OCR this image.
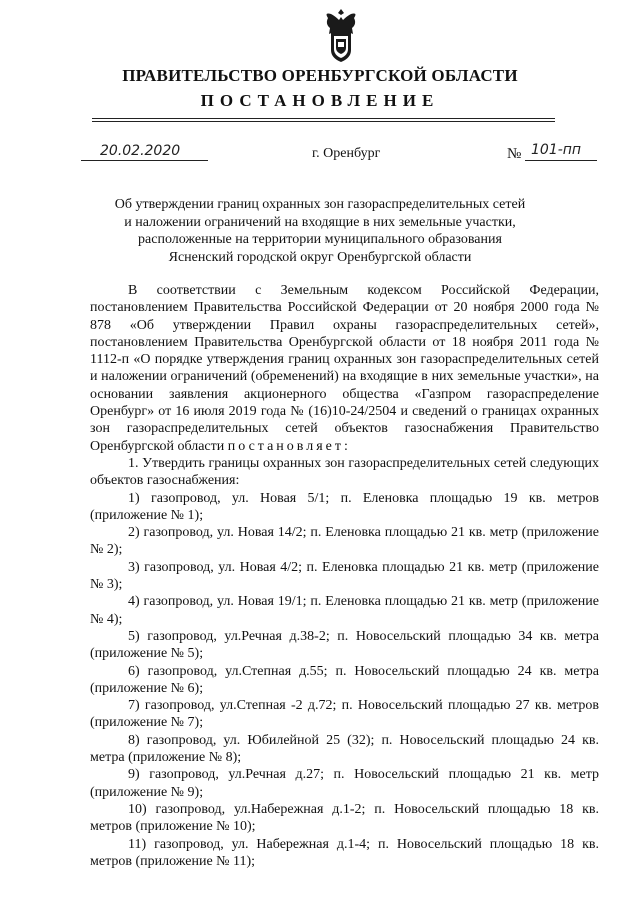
ПРАВИТЕЛЬСТВО ОРЕНБУРГСКОЙ ОБЛАСТИ
ПОСТАНОВЛЕНИЕ
20.02.2020	г. Оренбург	№ 101-пп
Об утверждении границ охранных зон газораспределительных сетей
и наложении ограничений на входящие в них земельные участки,
расположенные на территории муниципального образования
Ясненский городской округ Оренбургской области

В соответствии с Земельным кодексом Российской Федерации, постановлением Правительства Российской Федерации от 20 ноября 2000 года № 878 «Об утверждении Правил охраны газораспределительных сетей», постановлением Правительства Оренбургской области от 18 ноября 2011 года № 1112-п «О порядке утверждения границ охранных зон газораспределительных сетей и наложении ограничений (обременений) на входящие в них земельные участки», на основании заявления акционерного общества «Газпром газораспределение Оренбург» от 16 июля 2019 года № (16)10-24/2504 и сведений о границах охранных зон газораспределительных сетей объектов газоснабжения Правительство Оренбургской области постановляет:

1. Утвердить границы охранных зон газораспределительных сетей следующих объектов газоснабжения:

1) газопровод, ул. Новая 5/1; п. Еленовка площадью 19 кв. метров (приложение № 1);

2) газопровод, ул. Новая 14/2; п. Еленовка площадью 21 кв. метр (приложение № 2);

3) газопровод, ул. Новая 4/2; п. Еленовка площадью 21 кв. метр (приложение № 3);

4) газопровод, ул. Новая 19/1; п. Еленовка площадью 21 кв. метр (приложение № 4);

5) газопровод, ул.Речная д.38-2; п. Новосельский площадью 34 кв. метра (приложение № 5);

6) газопровод, ул.Степная д.55; п. Новосельский площадью 24 кв. метра (приложение № 6);

7) газопровод, ул.Степная -2 д.72; п. Новосельский площадью 27 кв. метров (приложение № 7);

8) газопровод, ул. Юбилейной 25 (32); п. Новосельский площадью 24 кв. метра (приложение № 8);

9) газопровод, ул.Речная д.27; п. Новосельский площадью 21 кв. метр (приложение № 9);

10) газопровод, ул.Набережная д.1-2; п. Новосельский площадью 18 кв. метров (приложение № 10);

11) газопровод, ул. Набережная д.1-4; п. Новосельский площадью 18 кв. метров (приложение № 11);
